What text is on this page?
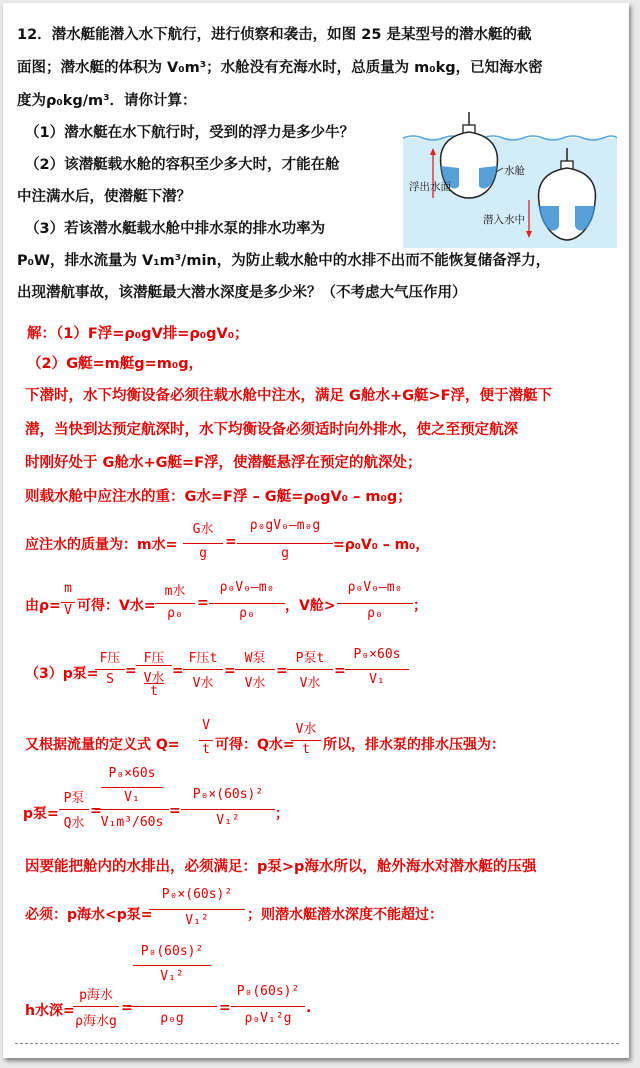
12．潜水艇能潜入水下航行，进行侦察和袭击，如图 25 是某型号的潜水艇的截
面图；潜水艇的体积为 V₀m³；水舱没有充海水时，总质量为 m₀kg，已知海水密
度为ρ₀kg/m³．请你计算：
（1）潜水艇在水下航行时，受到的浮力是多少牛？
（2）该潜艇载水舱的容积至少多大时，才能在舱
中注满水后，使潜艇下潜？
（3）若该潜水艇载水舱中排水泵的排水功率为
P₀W，排水流量为 V₁m³/min，为防止载水舱中的水排不出而不能恢复储备浮力，
出现潜航事故，该潜艇最大潜水深度是多少米？（不考虑大气压作用）
浮出水面
水舱
潜入水中
解：（1）F浮=ρ₀gV排=ρ₀gV₀；
（2）G艇=m艇g=m₀g，
下潜时，水下均衡设备必须往载水舱中注水，满足 G舱水+G艇>F浮，便于潜艇下
潜，当快到达预定航深时，水下均衡设备必须适时向外排水，使之至预定航深
时刚好处于 G舱水+G艇=F浮，使潜艇悬浮在预定的航深处；
则载水舱中应注水的重：G水=F浮 – G艇=ρ₀gV₀ – m₀g；
应注水的质量为：m水=
G水
g
=
ρ₀gV₀–m₀g
g
=ρ₀V₀ – m₀，
由ρ=
m
V 可得：V水=
m水
ρ₀
=
ρ₀V₀–m₀
ρ₀	，V舱>
ρ₀V₀–m₀
ρ₀	；
（3）p泵=
F压
S
=
F压
V水
t
=
F压t
V水
=
W泵
V水
=
P泵t
V水
=
P₀×60s
V₁
又根据流量的定义式 Q=
V
t 可得：Q水=
V水
t 所以，排水泵的排水压强为：
p泵=
P泵
Q水
=
P₀×60s
V₁
V₁m³/60s
=
P₀×(60s)²
V₁²	；
因要能把舱内的水排出，必须满足：p泵>p海水所以，舱外海水对潜水艇的压强
必须：p海水<p泵=
P₀×(60s)²
V₁²	；则潜水艇潜水深度不能超过：
h水深=
p海水
ρ海水g
=
P₀(60s)²
V₁²
ρ₀g
=
P₀(60s)²
ρ₀V₁²g
.
